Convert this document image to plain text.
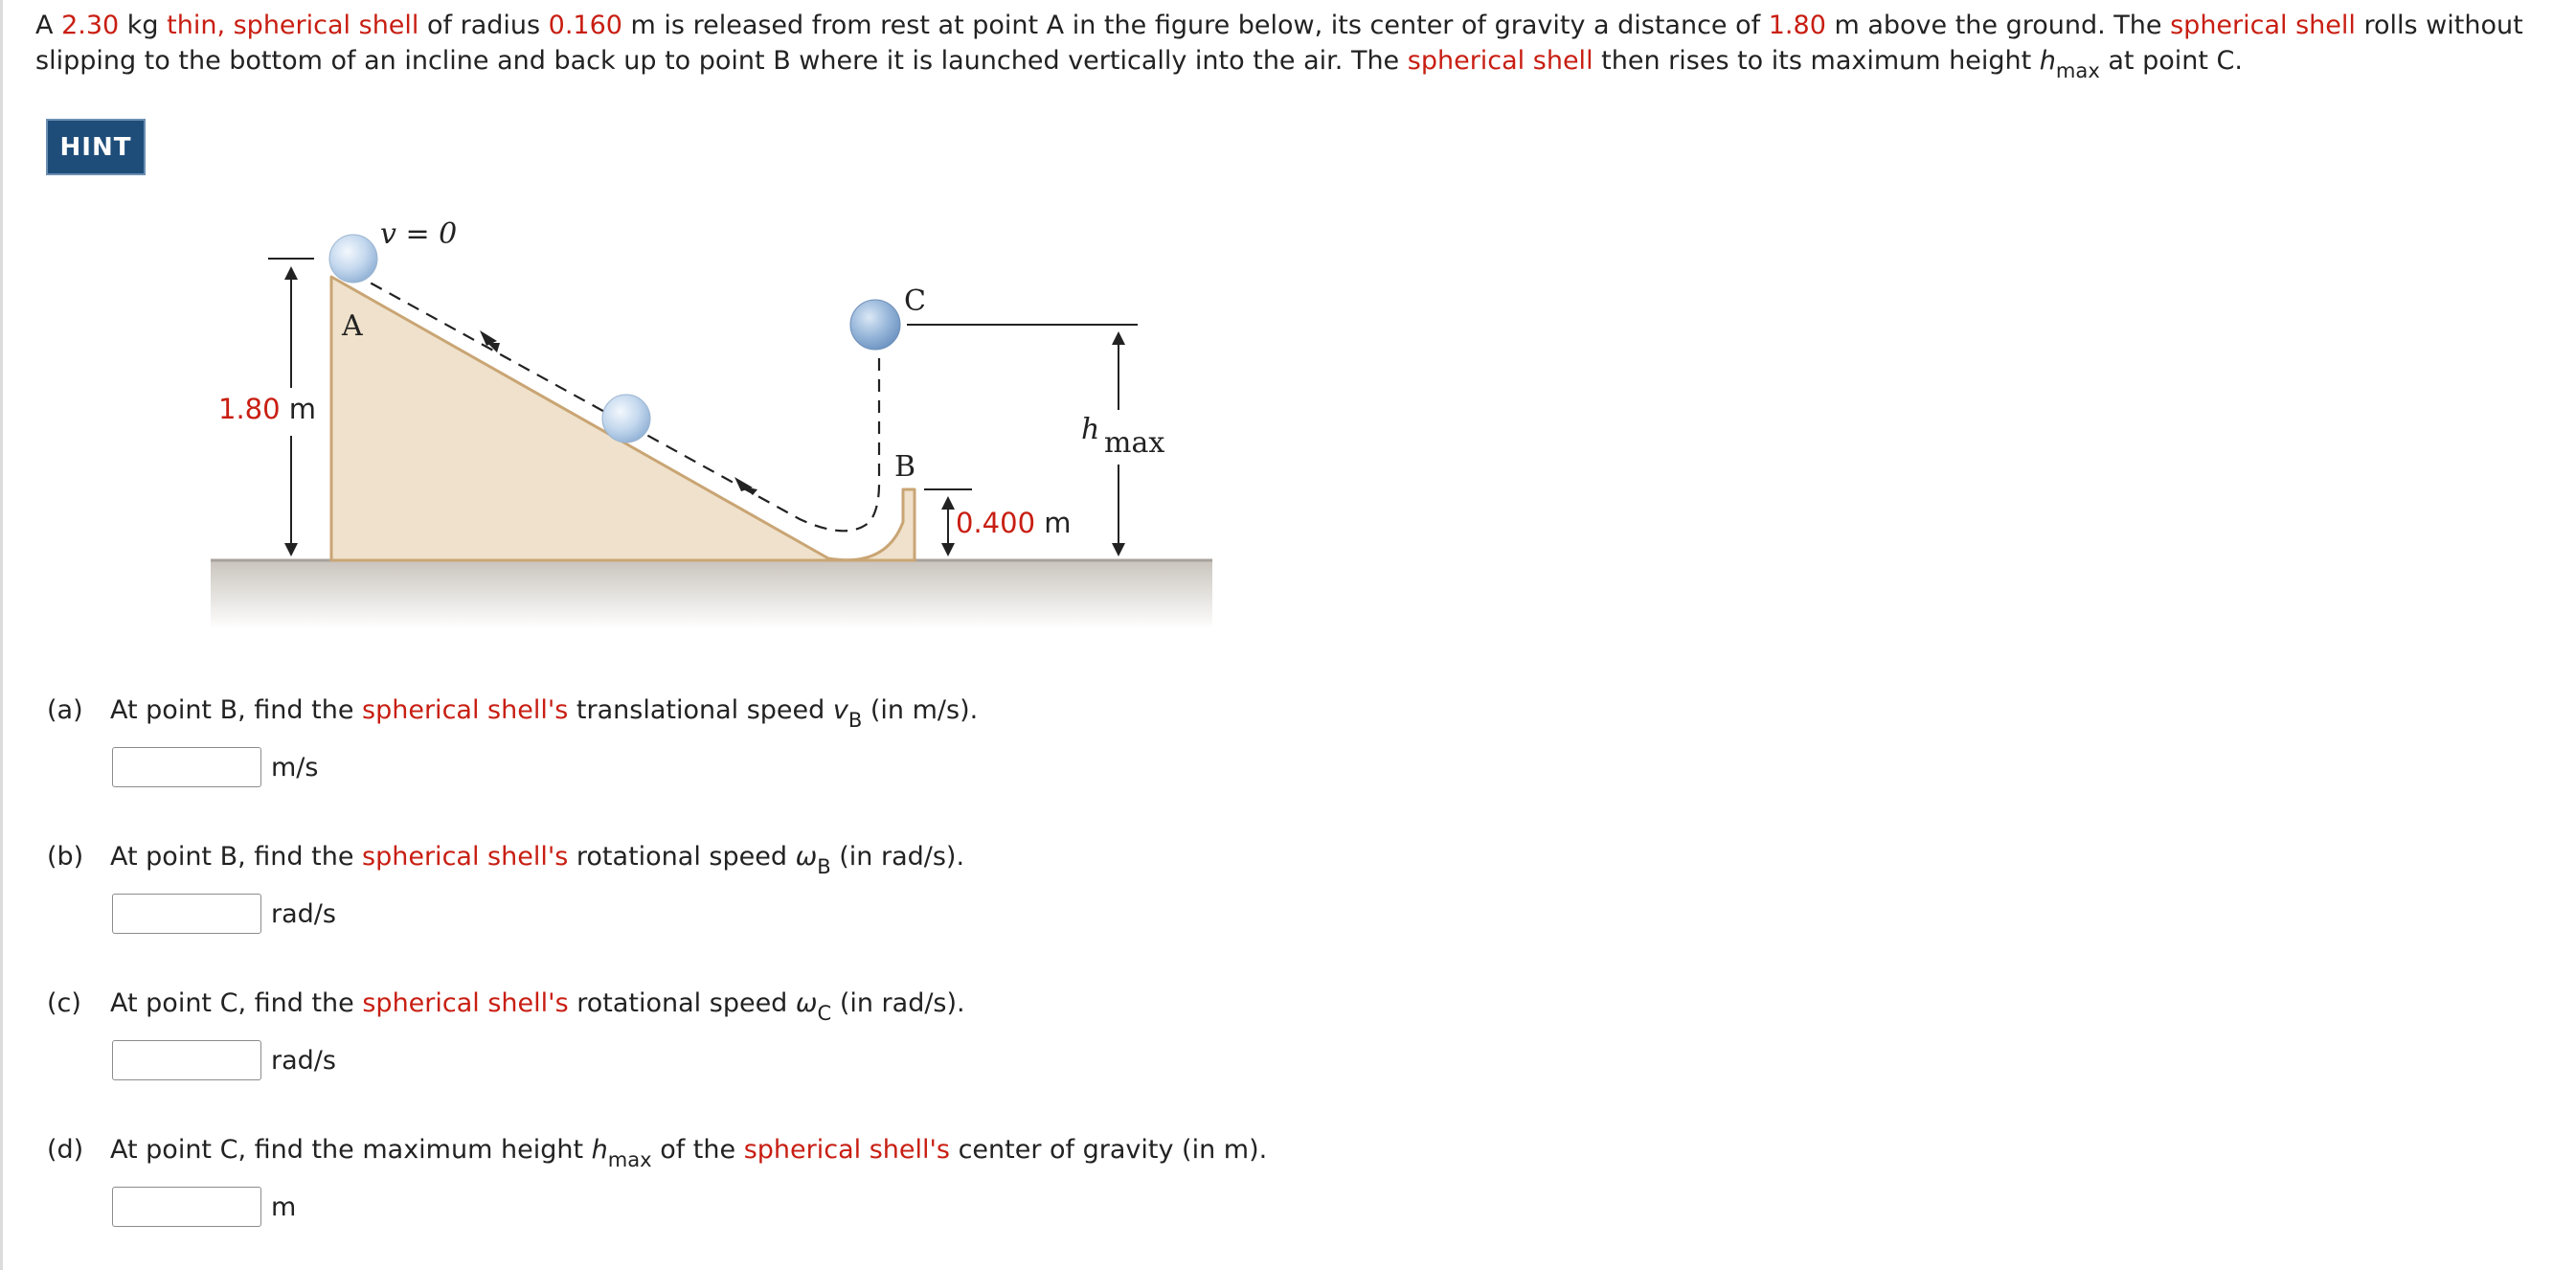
A 2.30 kg thin, spherical shell of radius 0.160 m is released from rest at point A in the figure below, its center of gravity a distance of 1.80 m above the ground. The spherical shell rolls without slipping to the bottom of an incline and back up to point B where it is launched vertically into the air. The spherical shell then rises to its maximum height $h_{max}$ at point C.

HINT
v = 0
A
B
C
1.80 m
0.400 m
h max
(a) At point B, find the spherical shell's translational speed $v_B$ (in m/s).
m/s
(b) At point B, find the spherical shell's rotational speed $\omega_B$ (in rad/s).
rad/s
(c) At point C, find the spherical shell's rotational speed $\omega_C$ (in rad/s).
rad/s
(d) At point C, find the maximum height $h_{max}$ of the spherical shell's center of gravity (in m).
m
